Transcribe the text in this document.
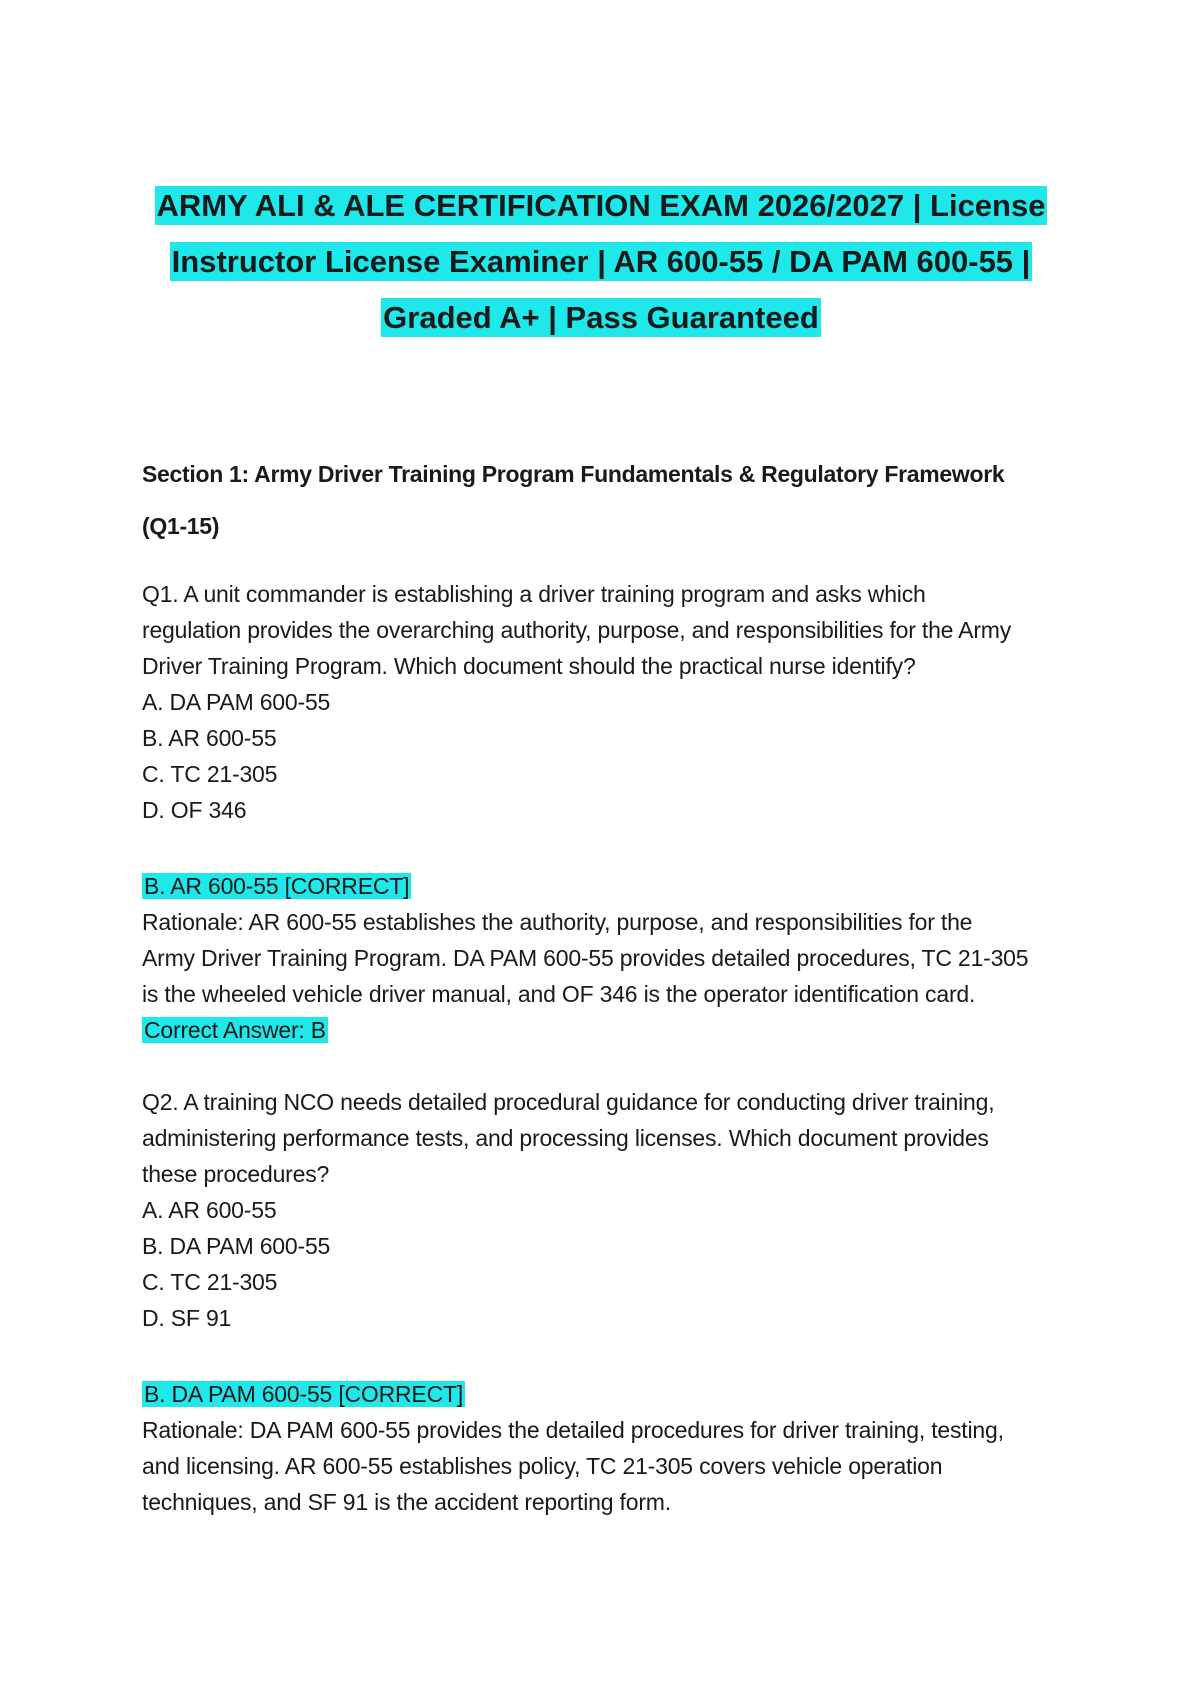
ARMY ALI & ALE CERTIFICATION EXAM 2026/2027 | License
Instructor License Examiner | AR 600-55 / DA PAM 600-55 |
Graded A+ | Pass Guaranteed
Section 1: Army Driver Training Program Fundamentals & Regulatory Framework
(Q1-15)
Q1. A unit commander is establishing a driver training program and asks which
regulation provides the overarching authority, purpose, and responsibilities for the Army
Driver Training Program. Which document should the practical nurse identify?
A. DA PAM 600-55
B. AR 600-55
C. TC 21-305
D. OF 346
B. AR 600-55 [CORRECT]
Rationale: AR 600-55 establishes the authority, purpose, and responsibilities for the
Army Driver Training Program. DA PAM 600-55 provides detailed procedures, TC 21-305
is the wheeled vehicle driver manual, and OF 346 is the operator identification card.
Correct Answer: B
Q2. A training NCO needs detailed procedural guidance for conducting driver training,
administering performance tests, and processing licenses. Which document provides
these procedures?
A. AR 600-55
B. DA PAM 600-55
C. TC 21-305
D. SF 91
B. DA PAM 600-55 [CORRECT]
Rationale: DA PAM 600-55 provides the detailed procedures for driver training, testing,
and licensing. AR 600-55 establishes policy, TC 21-305 covers vehicle operation
techniques, and SF 91 is the accident reporting form.
